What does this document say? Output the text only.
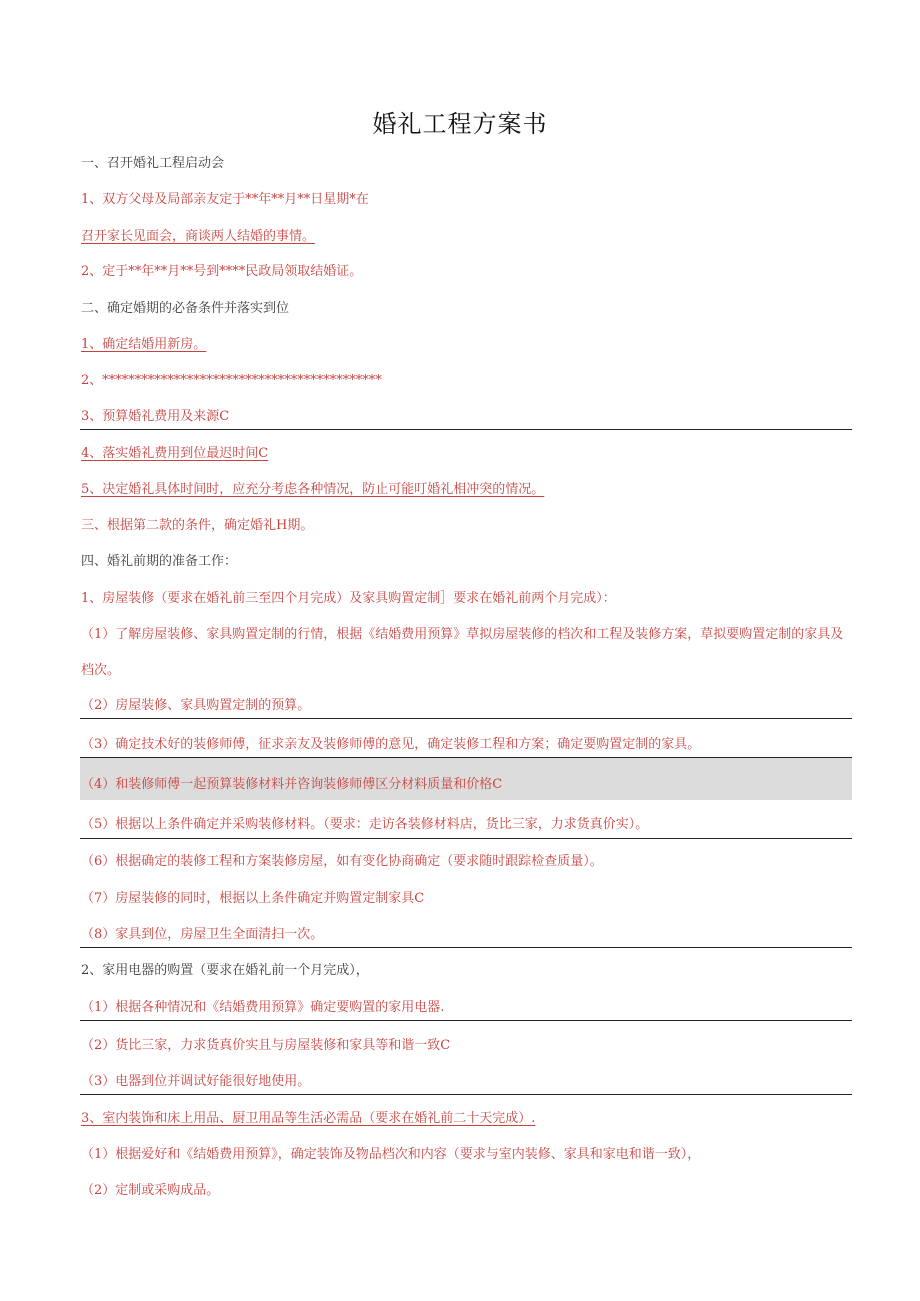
婚礼工程方案书
一、召开婚礼工程启动会
1、双方父母及局部亲友定于**年**月**日星期*在
召开家长见面会，商谈两人结婚的事情。
2、定于**年**月**号到****民政局领取结婚证。
二、确定婚期的必备条件并落实到位
1、确定结婚用新房。
2、*******************************************
3、预算婚礼费用及来源C
4、落实婚礼费用到位最迟时间C
5、决定婚礼具体时间时，应充分考虑各种情况，防止可能叮婚礼相冲突的情况。
三、根据第二款的条件，确定婚礼H期。
四、婚礼前期的准备工作：
1、房屋装修（要求在婚礼前三至四个月完成）及家具购置定制］要求在婚礼前两个月完成）：
（1）了解房屋装修、家具购置定制的行情，根据《结婚费用预算》草拟房屋装修的档次和工程及装修方案，草拟要购置定制的家具及档次。
（2）房屋装修、家具购置定制的预算。
（3）确定技术好的装修师傅，征求亲友及装修师傅的意见，确定装修工程和方案；确定要购置定制的家具。
（4）和装修师傅一起预算装修材料并咨询装修师傅区分材料质量和价格C
（5）根据以上条件确定并采购装修材料。（要求：走访各装修材料店，货比三家，力求货真价实）。
（6）根据确定的装修工程和方案装修房屋，如有变化协商确定（要求随时跟踪检查质量）。
（7）房屋装修的同时，根据以上条件确定并购置定制家具C
（8）家具到位，房屋卫生全面清扫一次。
2、家用电器的购置（要求在婚礼前一个月完成），
（1）根据各种情况和《结婚费用预算》确定要购置的家用电器.
（2）货比三家，力求货真价实且与房屋装修和家具等和谐一致C
（3）电器到位并调试好能很好地使用。
3、室内装饰和床上用品、厨卫用品等生活必需品（要求在婚礼前二十天完成）.
（1）根据爱好和《结婚费用预算》，确定装饰及物品档次和内容（要求与室内装修、家具和家电和谐一致），
（2）定制或采购成品。
